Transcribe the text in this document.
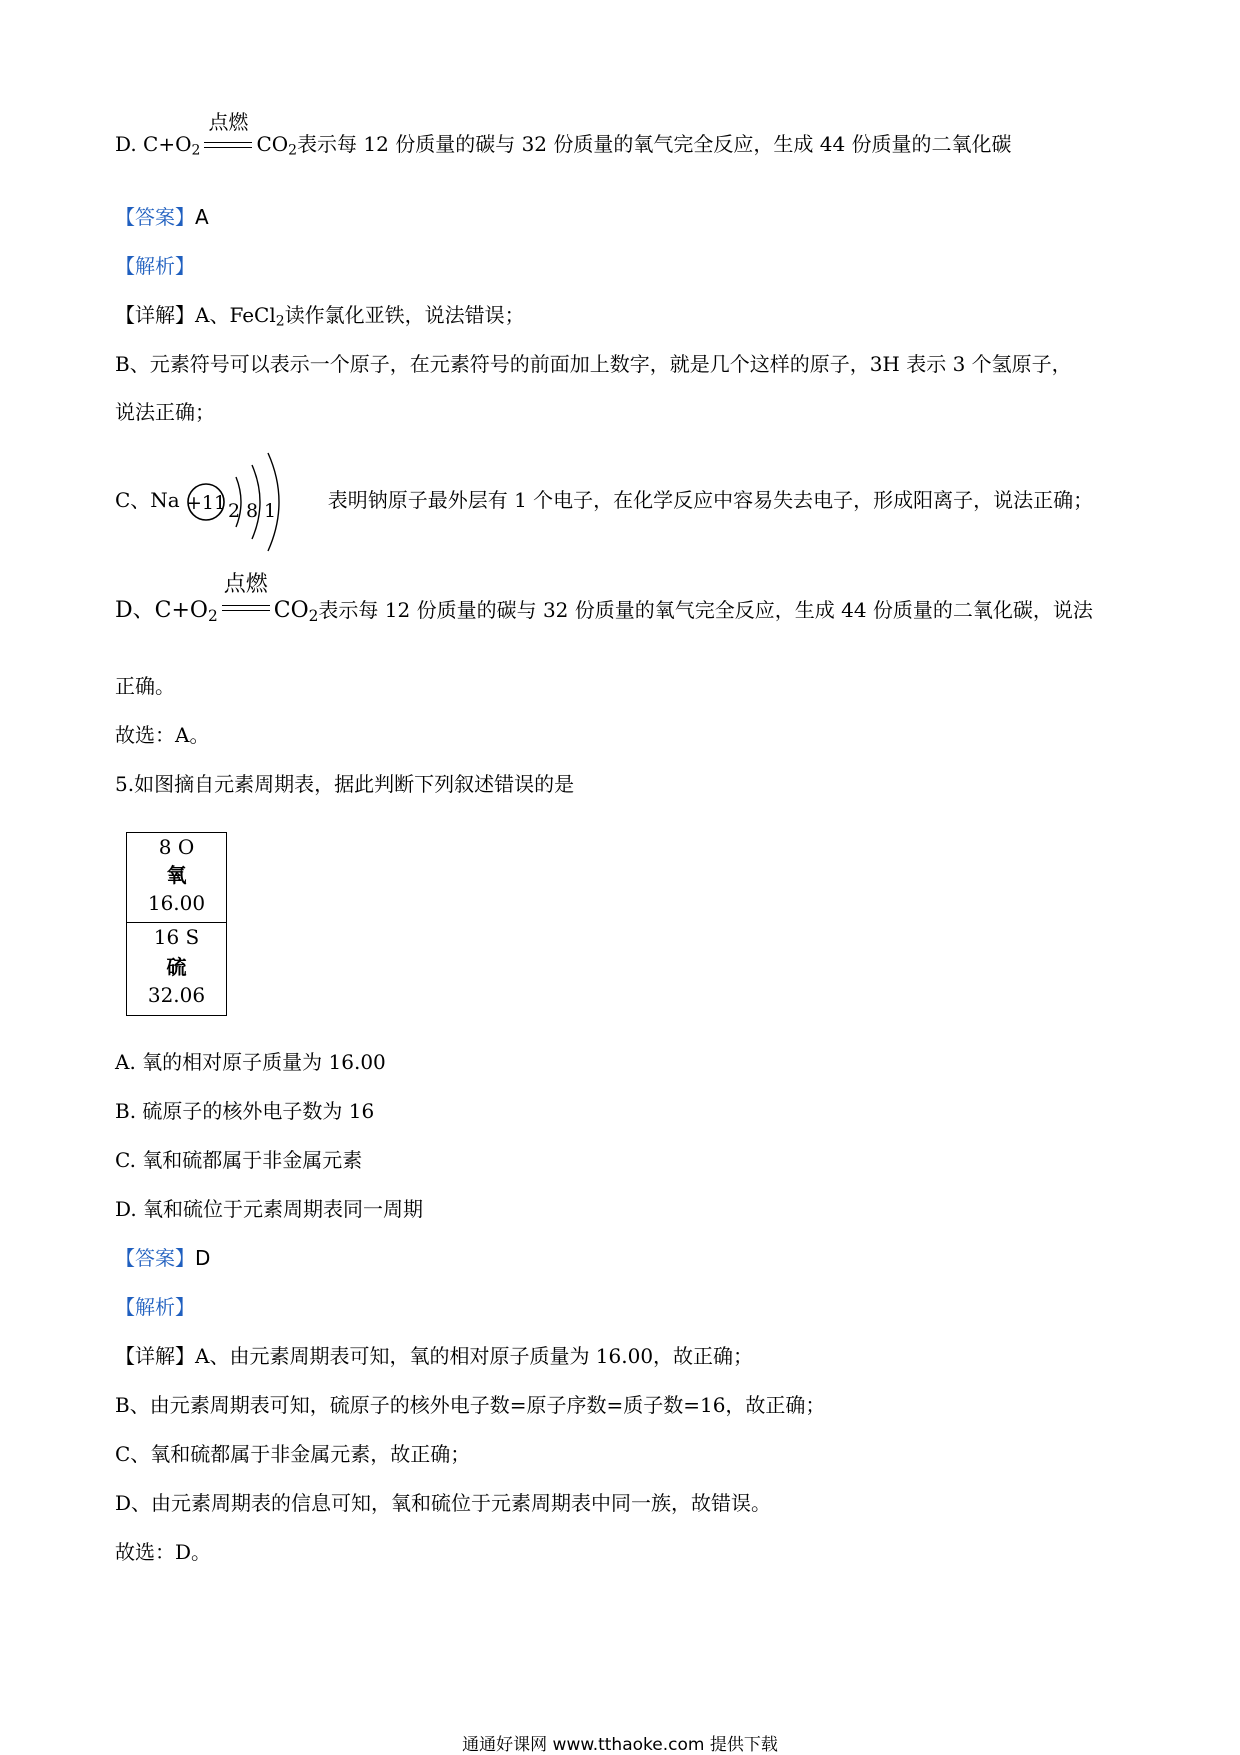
D. $C+O_2$
点燃
$CO_2$表示每 12 份质量的碳与 32 份质量的氧气完全反应，生成 44 份质量的二氧化碳
【答案】A
【解析】
【详解】A、FeCl$_2$读作氯化亚铁，说法错误；
B、元素符号可以表示一个原子，在元素符号的前面加上数字，就是几个这样的原子，3H 表示 3 个氢原子，
说法正确；
C、Na +11 2 8 1	表明钠原子最外层有 1 个电子，在化学反应中容易失去电子，形成阳离子，说法正确；
D、$C+O_2$
点燃
$CO_2$表示每 12 份质量的碳与 32 份质量的氧气完全反应，生成 44 份质量的二氧化碳，说法
正确。
故选：A。
5.如图摘自元素周期表，据此判断下列叙述错误的是
8 O
氧
16.00
16 S
硫
32.06
A. 氧的相对原子质量为 16.00
B. 硫原子的核外电子数为 16
C. 氧和硫都属于非金属元素
D. 氧和硫位于元素周期表同一周期
【答案】D
【解析】
【详解】A、由元素周期表可知，氧的相对原子质量为 16.00，故正确；
B、由元素周期表可知，硫原子的核外电子数=原子序数=质子数=16，故正确；
C、氧和硫都属于非金属元素，故正确；
D、由元素周期表的信息可知，氧和硫位于元素周期表中同一族，故错误。
故选：D。
通通好课网 www.tthaoke.com 提供下载
